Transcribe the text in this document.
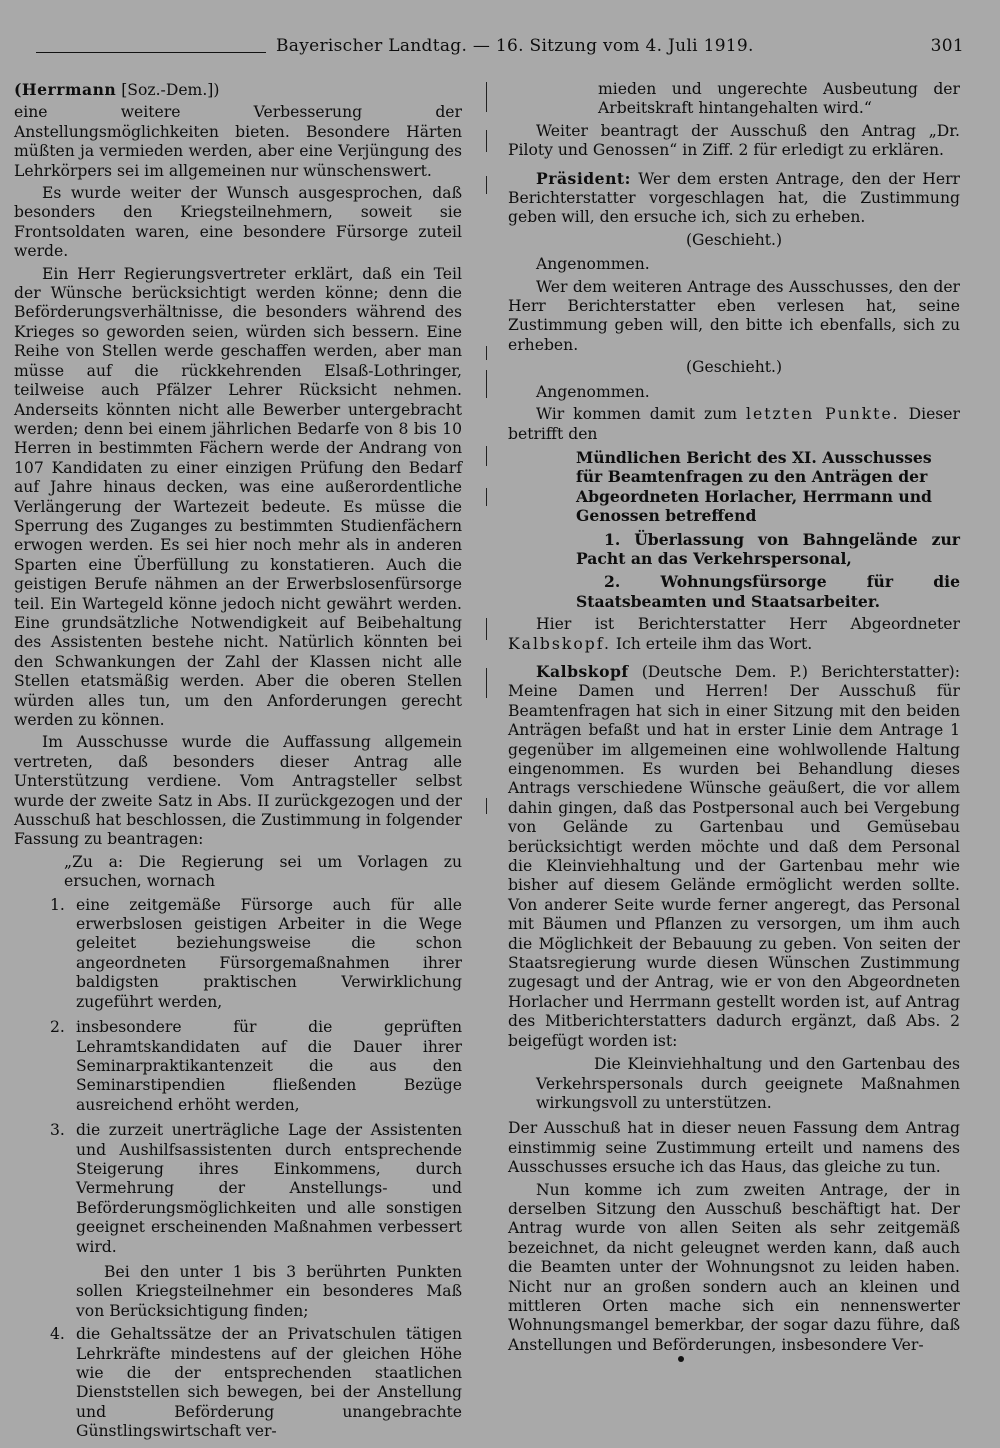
Bayerischer Landtag. — 16. Sitzung vom 4. Juli 1919.	301

(Herrmann [Soz.-Dem.])

eine weitere Verbesserung der Anstellungsmöglichkeiten bieten. Besondere Härten müßten ja vermieden werden, aber eine Verjüngung des Lehrkörpers sei im allgemeinen nur wünschenswert.

Es wurde weiter der Wunsch ausgesprochen, daß besonders den Kriegsteilnehmern, soweit sie Frontsoldaten waren, eine besondere Fürsorge zuteil werde.

Ein Herr Regierungsvertreter erklärt, daß ein Teil der Wünsche berücksichtigt werden könne; denn die Beförderungsverhältnisse, die besonders während des Krieges so geworden seien, würden sich bessern. Eine Reihe von Stellen werde geschaffen werden, aber man müsse auf die rückkehrenden Elsaß-Lothringer, teilweise auch Pfälzer Lehrer Rücksicht nehmen. Anderseits könnten nicht alle Bewerber untergebracht werden; denn bei einem jährlichen Bedarfe von 8 bis 10 Herren in bestimmten Fächern werde der Andrang von 107 Kandidaten zu einer einzigen Prüfung den Bedarf auf Jahre hinaus decken, was eine außerordentliche Verlängerung der Wartezeit bedeute. Es müsse die Sperrung des Zuganges zu bestimmten Studienfächern erwogen werden. Es sei hier noch mehr als in anderen Sparten eine Überfüllung zu konstatieren. Auch die geistigen Berufe nähmen an der Erwerbslosenfürsorge teil. Ein Wartegeld könne jedoch nicht gewährt werden. Eine grundsätzliche Notwendigkeit auf Beibehaltung des Assistenten bestehe nicht. Natürlich könnten bei den Schwankungen der Zahl der Klassen nicht alle Stellen etatsmäßig werden. Aber die oberen Stellen würden alles tun, um den Anforderungen gerecht werden zu können.

Im Ausschusse wurde die Auffassung allgemein vertreten, daß besonders dieser Antrag alle Unterstützung verdiene. Vom Antragsteller selbst wurde der zweite Satz in Abs. II zurückgezogen und der Ausschuß hat beschlossen, die Zustimmung in folgender Fassung zu beantragen:

„Zu a: Die Regierung sei um Vorlagen zu ersuchen, wornach

1. eine zeitgemäße Fürsorge auch für alle erwerbslosen geistigen Arbeiter in die Wege geleitet beziehungsweise die schon angeordneten Fürsorgemaßnahmen ihrer baldigsten praktischen Verwirklichung zugeführt werden,
2. insbesondere für die geprüften Lehramtskandidaten auf die Dauer ihrer Seminarpraktikantenzeit die aus den Seminarstipendien fließenden Bezüge ausreichend erhöht werden,
3. die zurzeit unerträgliche Lage der Assistenten und Aushilfsassistenten durch entsprechende Steigerung ihres Einkommens, durch Vermehrung der Anstellungs- und Beförderungsmöglichkeiten und alle sonstigen geeignet erscheinenden Maßnahmen verbessert wird.

Bei den unter 1 bis 3 berührten Punkten sollen Kriegsteilnehmer ein besonderes Maß von Berücksichtigung finden;

4. die Gehaltssätze der an Privatschulen tätigen Lehrkräfte mindestens auf der gleichen Höhe wie die der entsprechenden staatlichen Dienststellen sich bewegen, bei der Anstellung und Beförderung unangebrachte Günstlingswirtschaft ver-

mieden und ungerechte Ausbeutung der Arbeitskraft hintangehalten wird.“

Weiter beantragt der Ausschuß den Antrag „Dr. Piloty und Genossen“ in Ziff. 2 für erledigt zu erklären.

Präsident: Wer dem ersten Antrage, den der Herr Berichterstatter vorgeschlagen hat, die Zustimmung geben will, den ersuche ich, sich zu erheben.

(Geschieht.)

Angenommen.

Wer dem weiteren Antrage des Ausschusses, den der Herr Berichterstatter eben verlesen hat, seine Zustimmung geben will, den bitte ich ebenfalls, sich zu erheben.

(Geschieht.)

Angenommen.

Wir kommen damit zum letzten Punkte. Dieser betrifft den

Mündlichen Bericht des XI. Ausschusses für Beamtenfragen zu den Anträgen der Abgeordneten Horlacher, Herrmann und Genossen betreffend

1. Überlassung von Bahngelände zur Pacht an das Verkehrspersonal,

2. Wohnungsfürsorge für die Staatsbeamten und Staatsarbeiter.

Hier ist Berichterstatter Herr Abgeordneter Kalbskopf. Ich erteile ihm das Wort.

Kalbskopf (Deutsche Dem. P.) Berichterstatter): Meine Damen und Herren! Der Ausschuß für Beamtenfragen hat sich in einer Sitzung mit den beiden Anträgen befaßt und hat in erster Linie dem Antrage 1 gegenüber im allgemeinen eine wohlwollende Haltung eingenommen. Es wurden bei Behandlung dieses Antrags verschiedene Wünsche geäußert, die vor allem dahin gingen, daß das Postpersonal auch bei Vergebung von Gelände zu Gartenbau und Gemüsebau berücksichtigt werden möchte und daß dem Personal die Kleinviehhaltung und der Gartenbau mehr wie bisher auf diesem Gelände ermöglicht werden sollte. Von anderer Seite wurde ferner angeregt, das Personal mit Bäumen und Pflanzen zu versorgen, um ihm auch die Möglichkeit der Bebauung zu geben. Von seiten der Staatsregierung wurde diesen Wünschen Zustimmung zugesagt und der Antrag, wie er von den Abgeordneten Horlacher und Herrmann gestellt worden ist, auf Antrag des Mitberichterstatters dadurch ergänzt, daß Abs. 2 beigefügt worden ist:

Die Kleinviehhaltung und den Gartenbau des Verkehrspersonals durch geeignete Maßnahmen wirkungsvoll zu unterstützen.

Der Ausschuß hat in dieser neuen Fassung dem Antrag einstimmig seine Zustimmung erteilt und namens des Ausschusses ersuche ich das Haus, das gleiche zu tun.

Nun komme ich zum zweiten Antrage, der in derselben Sitzung den Ausschuß beschäftigt hat. Der Antrag wurde von allen Seiten als sehr zeitgemäß bezeichnet, da nicht geleugnet werden kann, daß auch die Beamten unter der Wohnungsnot zu leiden haben. Nicht nur an großen sondern auch an kleinen und mittleren Orten mache sich ein nennenswerter Wohnungsmangel bemerkbar, der sogar dazu führe, daß Anstellungen und Beförderungen, insbesondere Ver-
